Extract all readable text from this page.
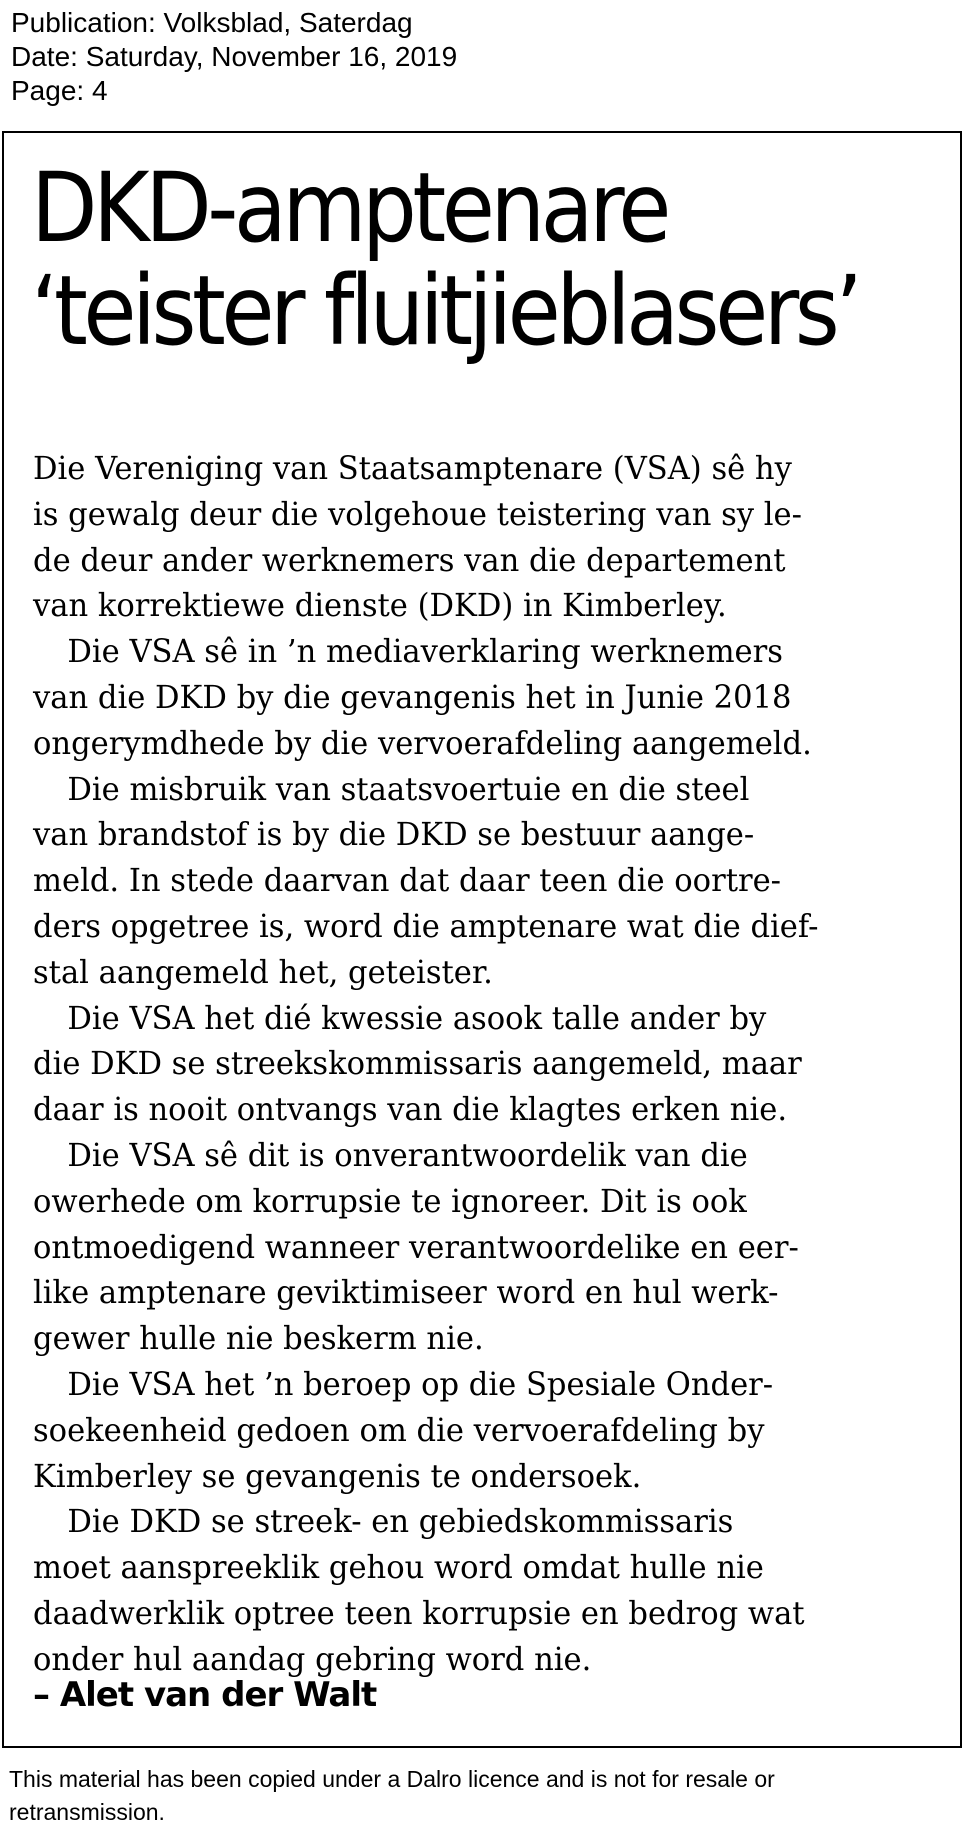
Publication: Volksblad, Saterdag
Date: Saturday, November 16, 2019
Page: 4
DKD-amptenare
‘teister fluitjieblasers’

Die Vereniging van Staatsamptenare (VSA) sê hy

is gewalg deur die volgehoue teistering van sy le-

de deur ander werknemers van die departement

van korrektiewe dienste (DKD) in Kimberley.

Die VSA sê in ’n mediaverklaring werknemers

van die DKD by die gevangenis het in Junie 2018

ongerymdhede by die vervoerafdeling aangemeld.

Die misbruik van staatsvoertuie en die steel

van brandstof is by die DKD se bestuur aange-

meld. In stede daarvan dat daar teen die oortre-

ders opgetree is, word die amptenare wat die dief-

stal aangemeld het, geteister.

Die VSA het dié kwessie asook talle ander by

die DKD se streekskommissaris aangemeld, maar

daar is nooit ontvangs van die klagtes erken nie.

Die VSA sê dit is onverantwoordelik van die

owerhede om korrupsie te ignoreer. Dit is ook

ontmoedigend wanneer verantwoordelike en eer-

like amptenare geviktimiseer word en hul werk-

gewer hulle nie beskerm nie.

Die VSA het ’n beroep op die Spesiale Onder-

soekeenheid gedoen om die vervoerafdeling by

Kimberley se gevangenis te ondersoek.

Die DKD se streek- en gebiedskommissaris

moet aanspreeklik gehou word omdat hulle nie

daadwerklik optree teen korrupsie en bedrog wat

onder hul aandag gebring word nie.

– Alet van der Walt
This material has been copied under a Dalro licence and is not for resale or
retransmission.
